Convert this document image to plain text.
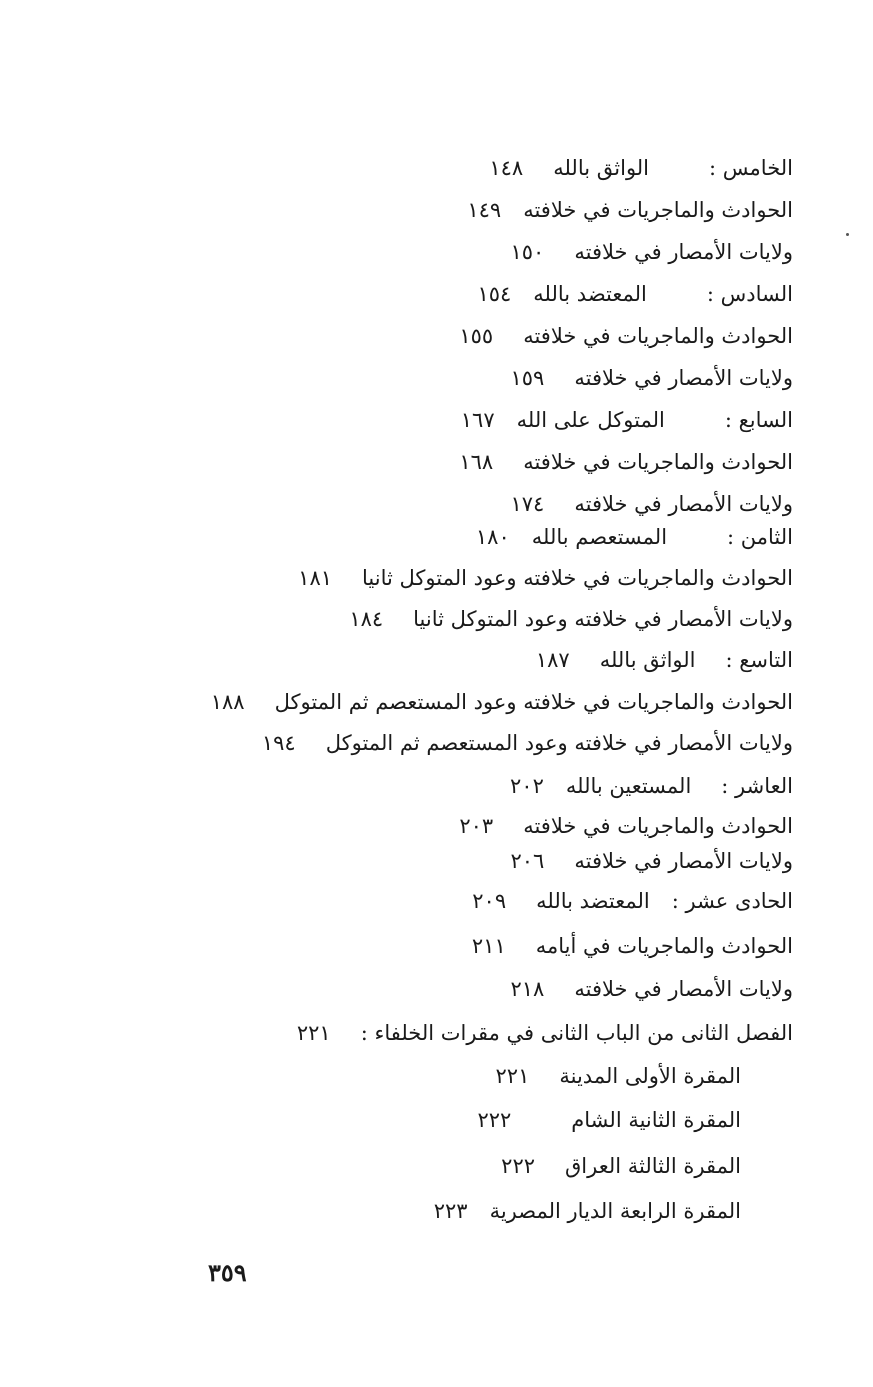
الخامس :
الواثق بالله
١٤٨
الحوادث والماجريات في خلافته
١٤٩
ولايات الأمصار في خلافته
١٥٠
السادس :
المعتضد بالله
١٥٤
الحوادث والماجريات في خلافته
١٥٥
ولايات الأمصار في خلافته
١٥٩
السابع :
المتوكل على الله
١٦٧
الحوادث والماجريات في خلافته
١٦٨
ولايات الأمصار في خلافته
١٧٤
الثامن :
المستعصم بالله
١٨٠
الحوادث والماجريات في خلافته وعود المتوكل ثانيا
١٨١
ولايات الأمصار في خلافته وعود المتوكل ثانيا
١٨٤
التاسع :
الواثق بالله
١٨٧
الحوادث والماجريات في خلافته وعود المستعصم ثم المتوكل
١٨٨
ولايات الأمصار في خلافته وعود المستعصم ثم المتوكل
١٩٤
العاشر :
المستعين بالله
٢٠٢
الحوادث والماجريات في خلافته
٢٠٣
ولايات الأمصار في خلافته
٢٠٦
الحادى عشر :
المعتضد بالله
٢٠٩
الحوادث والماجريات في أيامه
٢١١
ولايات الأمصار في خلافته
٢١٨
الفصل الثانى من الباب الثانى في مقرات الخلفاء :
٢٢١
المقرة الأولى المدينة
٢٢١
المقرة الثانية الشام
٢٢٢
المقرة الثالثة العراق
٢٢٢
المقرة الرابعة الديار المصرية
٢٢٣
٣٥٩
